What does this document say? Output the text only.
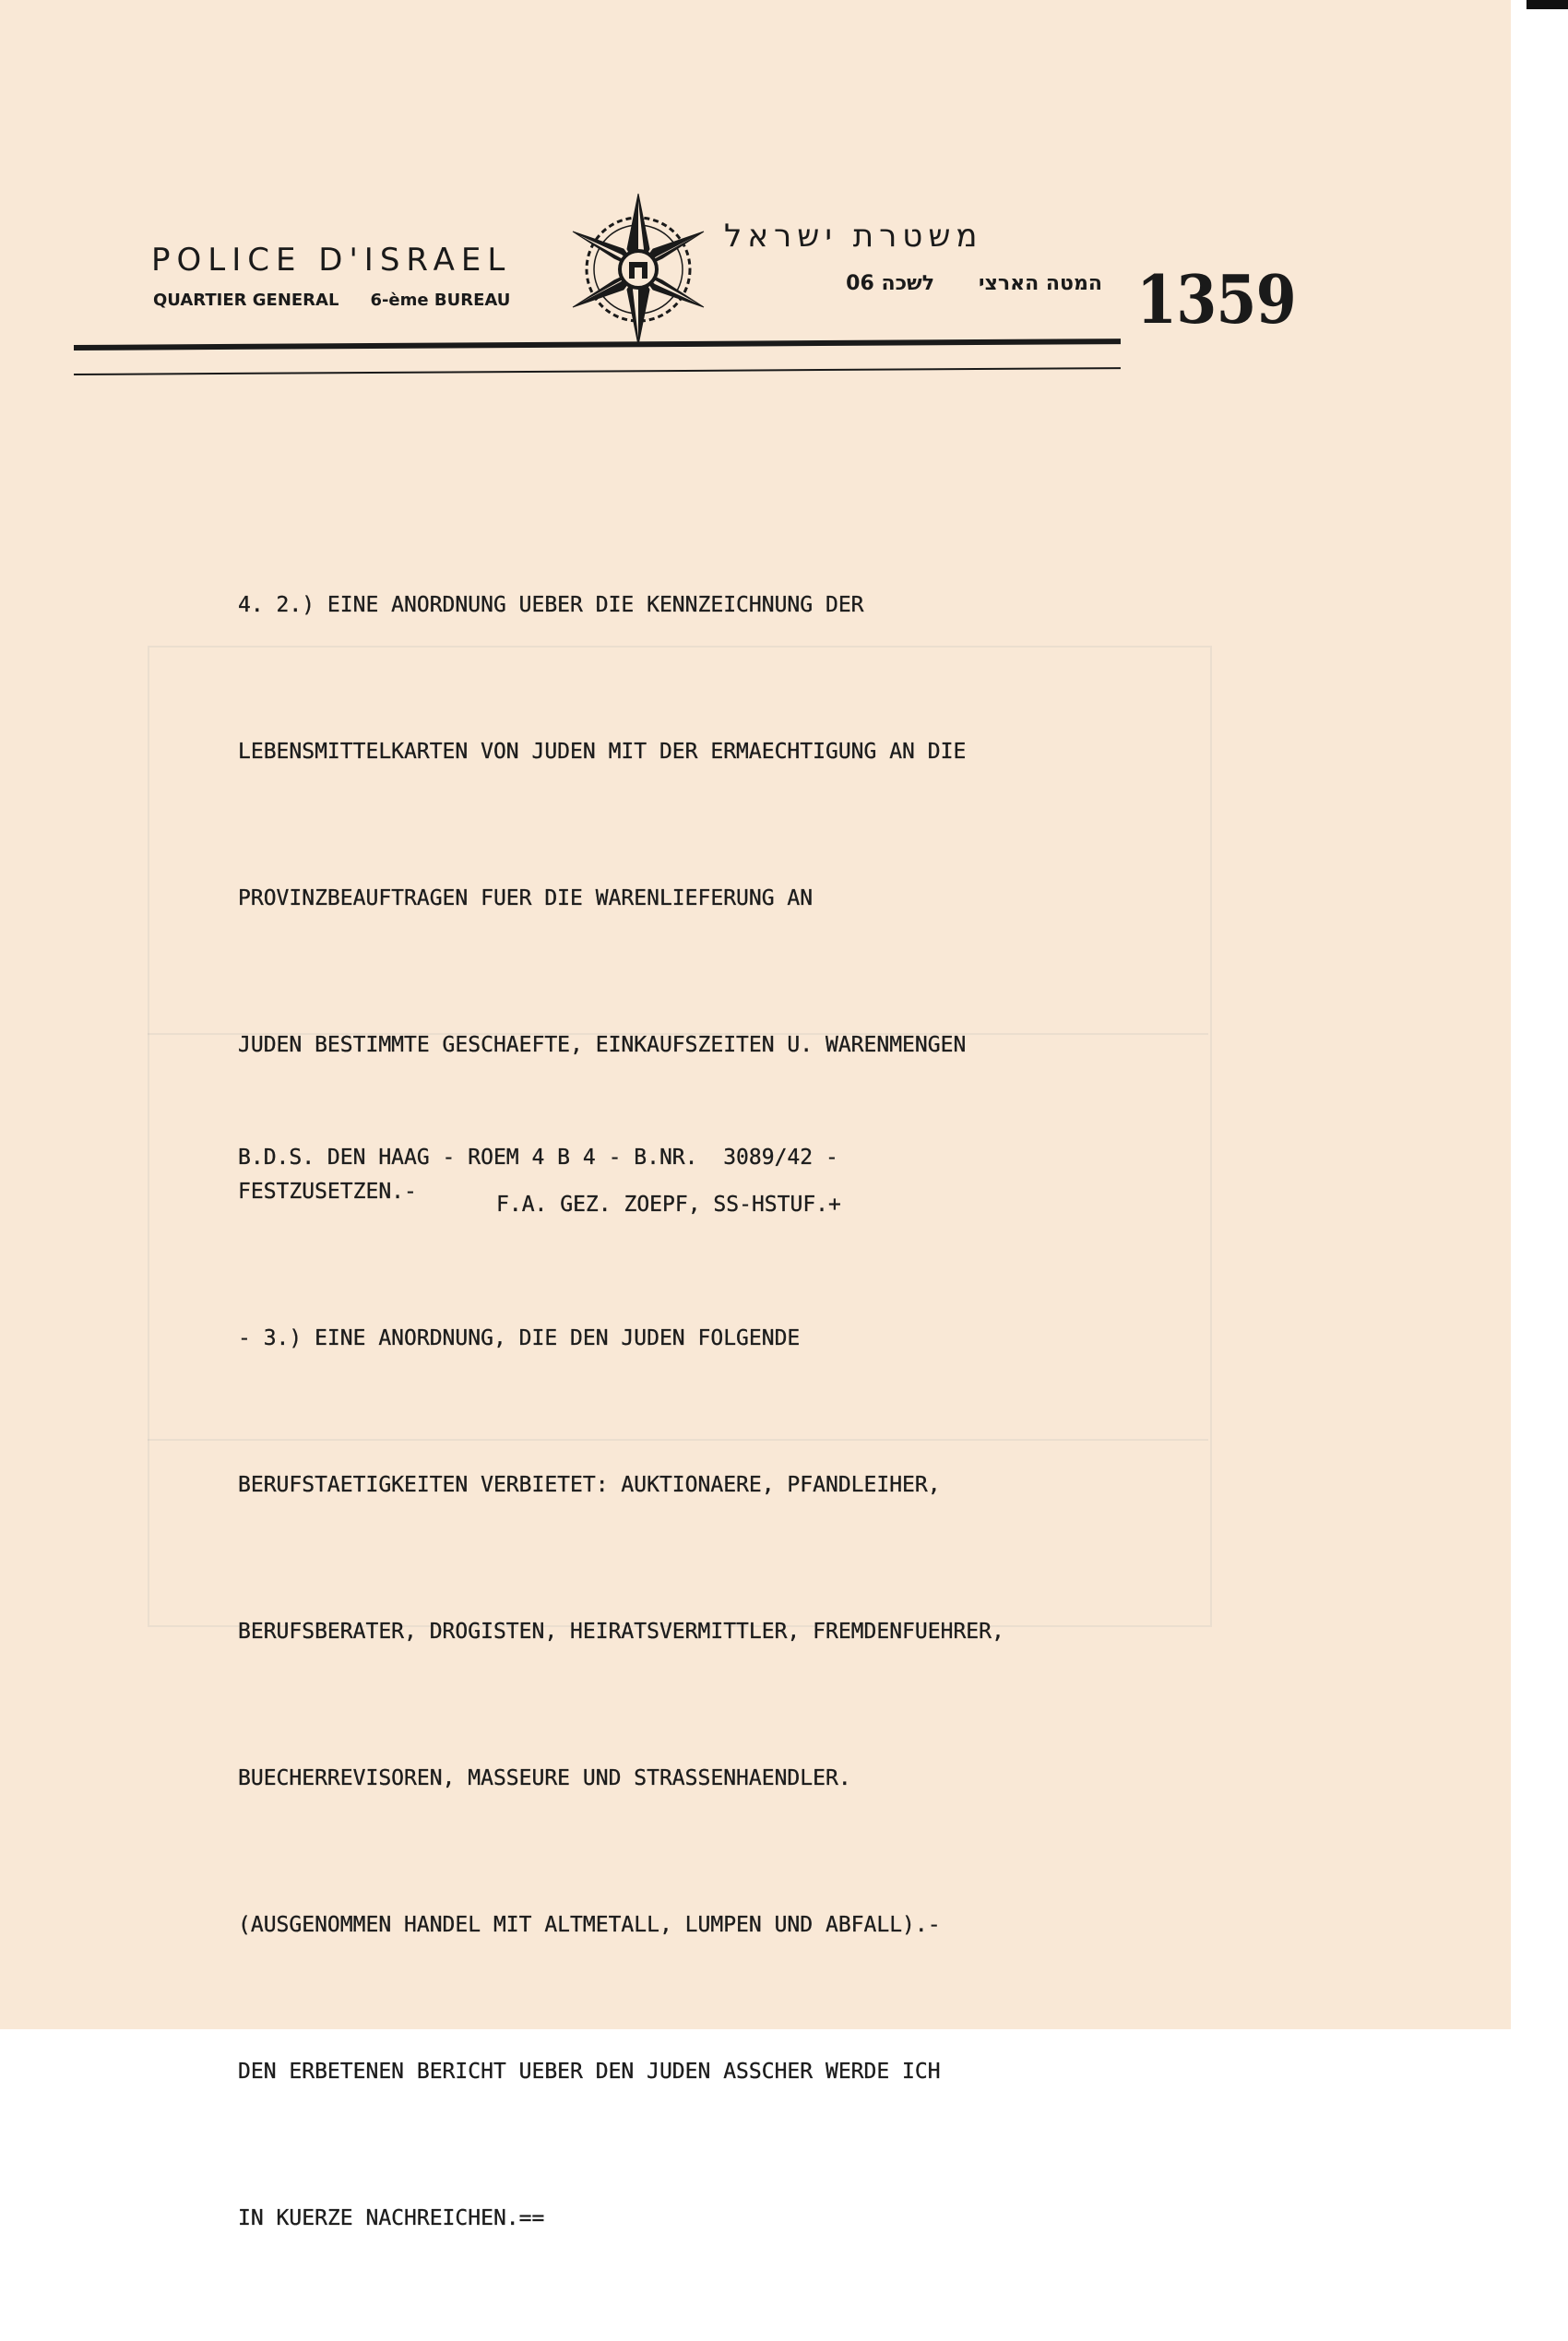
POLICE D'ISRAEL
QUARTIER GENERAL 6-ème BUREAU
משטרת ישראל
המטה הארצילשכה 06	1359

4. 2.) EINE ANORDNUNG UEBER DIE KENNZEICHNUNG DER

LEBENSMITTELKARTEN VON JUDEN MIT DER ERMAECHTIGUNG AN DIE

PROVINZBEAUFTRAGEN FUER DIE WARENLIEFERUNG AN

JUDEN BESTIMMTE GESCHAEFTE, EINKAUFSZEITEN U. WARENMENGEN

FESTZUSETZEN.-

- 3.) EINE ANORDNUNG, DIE DEN JUDEN FOLGENDE

BERUFSTAETIGKEITEN VERBIETET: AUKTIONAERE, PFANDLEIHER,

BERUFSBERATER, DROGISTEN, HEIRATSVERMITTLER, FREMDENFUEHRER,

BUECHERREVISOREN, MASSEURE UND STRASSENHAENDLER.

(AUSGENOMMEN HANDEL MIT ALTMETALL, LUMPEN UND ABFALL).-

DEN ERBETENEN BERICHT UEBER DEN JUDEN ASSCHER WERDE ICH

IN KUERZE NACHREICHEN.==

B.D.S. DEN HAAG - ROEM 4 B 4 - B.NR.  3089/42 -
F.A. GEZ. ZOEPF, SS-HSTUF.+
